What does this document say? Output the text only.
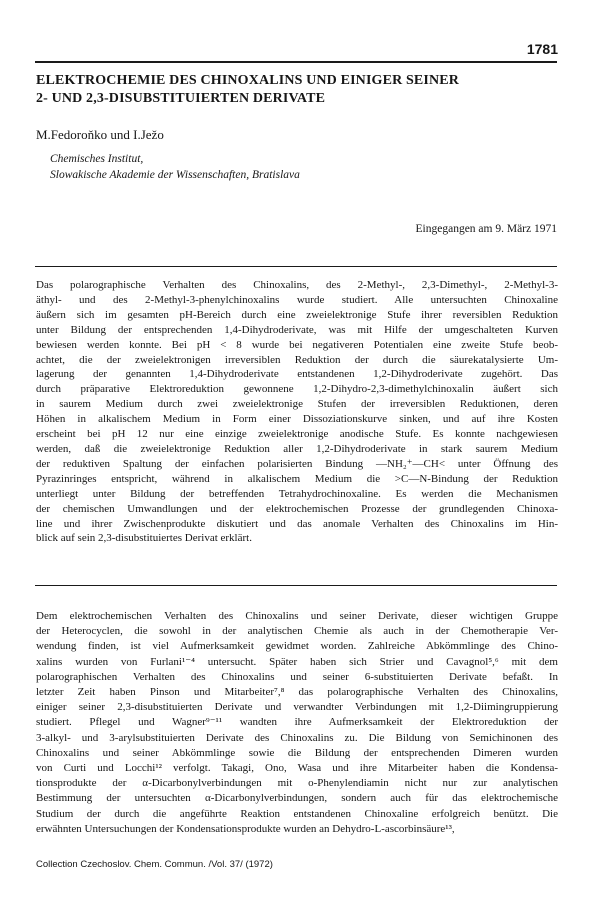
1781
ELEKTROCHEMIE DES CHINOXALINS UND EINIGER SEINER
2- UND 2,3-DISUBSTITUIERTEN DERIVATE
M.Fedoroňko und I.Ježo
Chemisches Institut,
Slowakische Akademie der Wissenschaften, Bratislava
Eingegangen am 9. März 1971
Das polarographische Verhalten des Chinoxalins, des 2-Methyl-, 2,3-Dimethyl-, 2-Methyl-3-
äthyl- und des 2-Methyl-3-phenylchinoxalins wurde studiert. Alle untersuchten Chinoxaline
äußern sich im gesamten pH-Bereich durch eine zweielektronige Stufe ihrer reversiblen Reduktion
unter Bildung der entsprechenden 1,4-Dihydroderivate, was mit Hilfe der umgeschalteten Kurven
bewiesen werden konnte. Bei pH < 8 wurde bei negativeren Potentialen eine zweite Stufe beob-
achtet, die der zweielektronigen irreversiblen Reduktion der durch die säurekatalysierte Um-
lagerung der genannten 1,4-Dihydroderivate entstandenen 1,2-Dihydroderivate zugehört. Das
durch präparative Elektroreduktion gewonnene 1,2-Dihydro-2,3-dimethylchinoxalin äußert sich
in saurem Medium durch zwei zweielektronige Stufen der irreversiblen Reduktionen, deren
Höhen in alkalischem Medium in Form einer Dissoziationskurve sinken, und auf ihre Kosten
erscheint bei pH 12 nur eine einzige zweielektronige anodische Stufe. Es konnte nachgewiesen
werden, daß die zweielektronige Reduktion aller 1,2-Dihydroderivate in stark saurem Medium
der reduktiven Spaltung der einfachen polarisierten Bindung —NH₂⁺—CH< unter Öffnung des
Pyrazinringes entspricht, während in alkalischem Medium die >C—N-Bindung der Reduktion
unterliegt unter Bildung der betreffenden Tetrahydrochinoxaline. Es werden die Mechanismen
der chemischen Umwandlungen und der elektrochemischen Prozesse der grundlegenden Chinoxa-
line und ihrer Zwischenprodukte diskutiert und das anomale Verhalten des Chinoxalins im Hin-
blick auf sein 2,3-disubstituiertes Derivat erklärt.
Dem elektrochemischen Verhalten des Chinoxalins und seiner Derivate, dieser wichtigen Gruppe
der Heterocyclen, die sowohl in der analytischen Chemie als auch in der Chemotherapie Ver-
wendung finden, ist viel Aufmerksamkeit gewidmet worden. Zahlreiche Abkömmlinge des Chino-
xalins wurden von Furlani¹⁻⁴ untersucht. Später haben sich Strier und Cavagnol⁵,⁶ mit dem
polarographischen Verhalten des Chinoxalins und seiner 6-substituierten Derivate befaßt. In
letzter Zeit haben Pinson und Mitarbeiter⁷,⁸ das polarographische Verhalten des Chinoxalins,
einiger seiner 2,3-disubstituierten Derivate und verwandter Verbindungen mit 1,2-Diimingruppierung
studiert. Pflegel und Wagner⁹⁻¹¹ wandten ihre Aufmerksamkeit der Elektroreduktion der
3-alkyl- und 3-arylsubstituierten Derivate des Chinoxalins zu. Die Bildung von Semichinonen des
Chinoxalins und seiner Abkömmlinge sowie die Bildung der entsprechenden Dimeren wurden
von Curti und Locchi¹² verfolgt. Takagi, Ono, Wasa und ihre Mitarbeiter haben die Kondensa-
tionsprodukte der α-Dicarbonylverbindungen mit o-Phenylendiamin nicht nur zur analytischen
Bestimmung der untersuchten α-Dicarbonylverbindungen, sondern auch für das elektrochemische
Studium der durch die angeführte Reaktion entstandenen Chinoxaline erfolgreich benützt. Die
erwähnten Untersuchungen der Kondensationsprodukte wurden an Dehydro-L-ascorbinsäure¹³,
Collection Czechoslov. Chem. Commun. /Vol. 37/ (1972)
